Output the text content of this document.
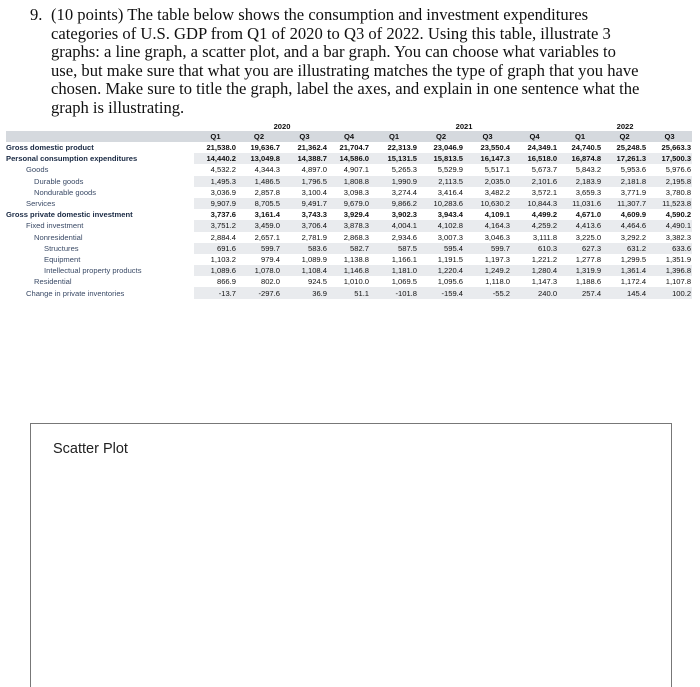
9. (10 points) The table below shows the consumption and investment expenditures
categories of U.S. GDP from Q1 of 2020 to Q3 of 2022. Using this table, illustrate 3
graphs: a line graph, a scatter plot, and a bar graph. You can choose what variables to
use, but make sure that what you are illustrating matches the type of graph that you have
chosen. Make sure to title the graph, label the axes, and explain in one sentence what the
graph is illustrating.
	2020				2021				2022		
	Q1	Q2	Q3	Q4	Q1	Q2	Q3	Q4	Q1	Q2	Q3
Gross domestic product	21,538.0	19,636.7	21,362.4	21,704.7	22,313.9	23,046.9	23,550.4	24,349.1	24,740.5	25,248.5	25,663.3
Personal consumption expenditures	14,440.2	13,049.8	14,388.7	14,586.0	15,131.5	15,813.5	16,147.3	16,518.0	16,874.8	17,261.3	17,500.3
Goods	4,532.2	4,344.3	4,897.0	4,907.1	5,265.3	5,529.9	5,517.1	5,673.7	5,843.2	5,953.6	5,976.6
Durable goods	1,495.3	1,486.5	1,796.5	1,808.8	1,990.9	2,113.5	2,035.0	2,101.6	2,183.9	2,181.8	2,195.8
Nondurable goods	3,036.9	2,857.8	3,100.4	3,098.3	3,274.4	3,416.4	3,482.2	3,572.1	3,659.3	3,771.9	3,780.8
Services	9,907.9	8,705.5	9,491.7	9,679.0	9,866.2	10,283.6	10,630.2	10,844.3	11,031.6	11,307.7	11,523.8
Gross private domestic investment	3,737.6	3,161.4	3,743.3	3,929.4	3,902.3	3,943.4	4,109.1	4,499.2	4,671.0	4,609.9	4,590.2
Fixed investment	3,751.2	3,459.0	3,706.4	3,878.3	4,004.1	4,102.8	4,164.3	4,259.2	4,413.6	4,464.6	4,490.1
Nonresidential	2,884.4	2,657.1	2,781.9	2,868.3	2,934.6	3,007.3	3,046.3	3,111.8	3,225.0	3,292.2	3,382.3
Structures	691.6	599.7	583.6	582.7	587.5	595.4	599.7	610.3	627.3	631.2	633.6
Equipment	1,103.2	979.4	1,089.9	1,138.8	1,166.1	1,191.5	1,197.3	1,221.2	1,277.8	1,299.5	1,351.9
Intellectual property products	1,089.6	1,078.0	1,108.4	1,146.8	1,181.0	1,220.4	1,249.2	1,280.4	1,319.9	1,361.4	1,396.8
Residential	866.9	802.0	924.5	1,010.0	1,069.5	1,095.6	1,118.0	1,147.3	1,188.6	1,172.4	1,107.8
Change in private inventories	-13.7	-297.6	36.9	51.1	-101.8	-159.4	-55.2	240.0	257.4	145.4	100.2
Scatter Plot
